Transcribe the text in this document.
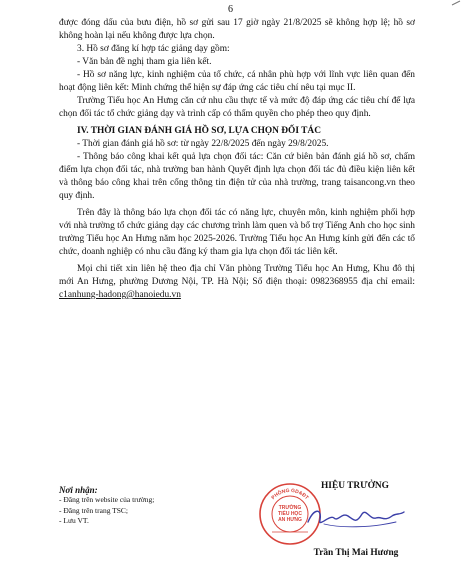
6

được đóng dấu của bưu điện, hồ sơ gửi sau 17 giờ ngày 21/8/2025 sẽ không hợp lệ; hồ sơ không hoàn lại nếu không được lựa chọn.

3. Hồ sơ đăng kí hợp tác giảng dạy gồm:

- Văn bản đề nghị tham gia liên kết.

- Hồ sơ năng lực, kinh nghiệm của tổ chức, cá nhân phù hợp với lĩnh vực liên quan đến hoạt động liên kết: Minh chứng thể hiện sự đáp ứng các tiêu chí nêu tại mục II.

Trường Tiểu học An Hưng căn cứ nhu cầu thực tế và mức độ đáp ứng các tiêu chí để lựa chọn đối tác tổ chức giảng dạy và trình cấp có thẩm quyền cho phép theo quy định.

IV. THỜI GIAN ĐÁNH GIÁ HỒ SƠ, LỰA CHỌN ĐỐI TÁC

- Thời gian đánh giá hồ sơ: từ ngày 22/8/2025 đến ngày 29/8/2025.

- Thông báo công khai kết quả lựa chọn đối tác: Căn cứ biên bản đánh giá hồ sơ, chấm điểm lựa chọn đối tác, nhà trường ban hành Quyết định lựa chọn đối tác đủ điều kiện liên kết và thông báo công khai trên cổng thông tin điện tử của nhà trường, trang taisancong.vn theo quy định.

Trên đây là thông báo lựa chọn đối tác có năng lực, chuyên môn, kinh nghiệm phối hợp với nhà trường tổ chức giảng dạy các chương trình làm quen và bổ trợ Tiếng Anh cho học sinh trường Tiểu học An Hưng năm học 2025-2026. Trường Tiểu học An Hưng kính gửi đến các tổ chức, doanh nghiệp có nhu cầu đăng ký tham gia lựa chọn đối tác liên kết.

Mọi chi tiết xin liên hệ theo địa chỉ Văn phòng Trường Tiểu học An Hưng, Khu đô thị mới An Hưng, phường Dương Nội, TP. Hà Nội; Số điện thoại: 0982368955 địa chỉ email: c1anhung-hadong@hanoiedu.vn

Nơi nhận:
- Đăng trên website của trường;
- Đăng trên trang TSC;
- Lưu VT.
HIỆU TRƯỞNG
PHÒNG GD&ĐT
TRƯỜNG
TIỂU HỌC
AN HƯNG
Trần Thị Mai Hương
